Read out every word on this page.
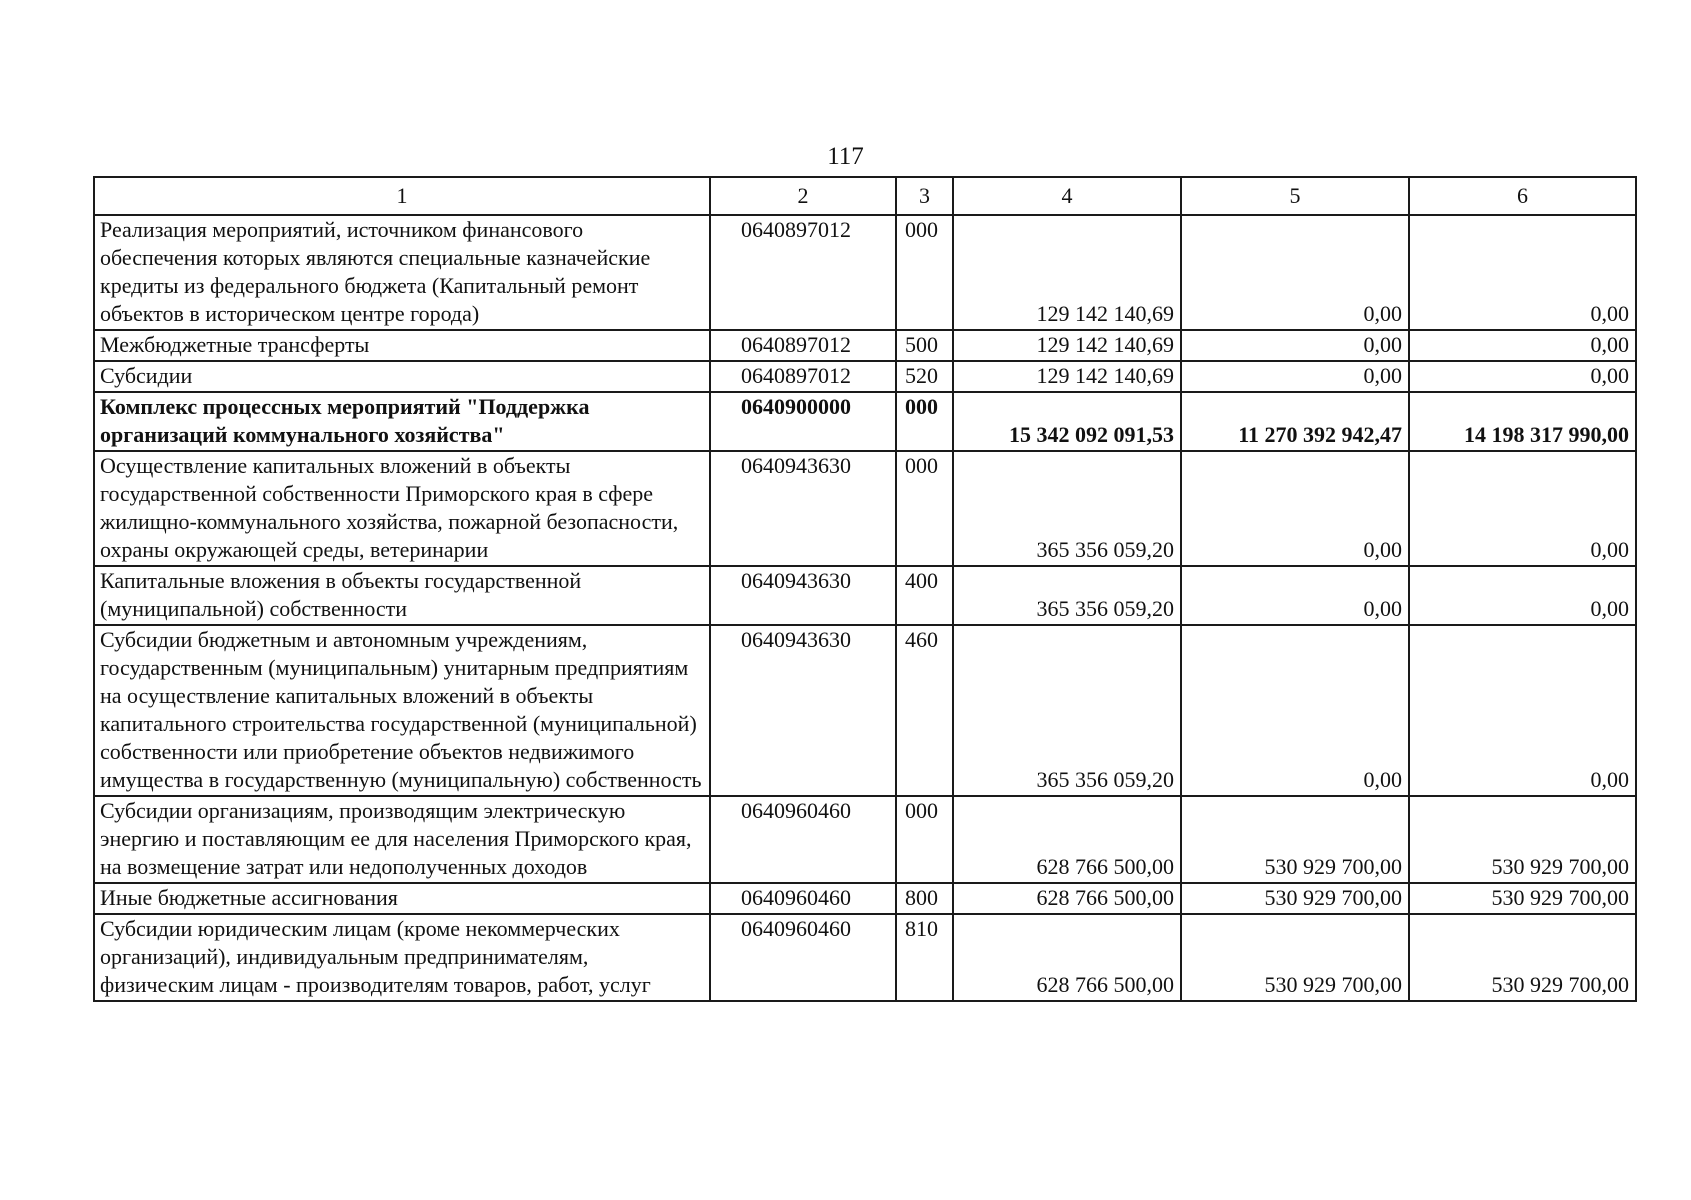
117
1	2	3	4	5	6
Реализация мероприятий, источником финансового обеспечения которых являются специальные казначейские кредиты из федерального бюджета (Капитальный ремонт объектов в историческом центре города)	0640897012	000	129 142 140,69	0,00	0,00
Межбюджетные трансферты	0640897012	500	129 142 140,69	0,00	0,00
Субсидии	0640897012	520	129 142 140,69	0,00	0,00
Комплекс процессных мероприятий "Поддержка организаций коммунального хозяйства"	0640900000	000	15 342 092 091,53	11 270 392 942,47	14 198 317 990,00
Осуществление капитальных вложений в объекты государственной собственности Приморского края в сфере жилищно-коммунального хозяйства, пожарной безопасности, охраны окружающей среды, ветеринарии	0640943630	000	365 356 059,20	0,00	0,00
Капитальные вложения в объекты государственной (муниципальной) собственности	0640943630	400	365 356 059,20	0,00	0,00
Субсидии бюджетным и автономным учреждениям, государственным (муниципальным) унитарным предприятиям на осуществление капитальных вложений в объекты капитального строительства государственной (муниципальной) собственности или приобретение объектов недвижимого имущества в государственную (муниципальную) собственность	0640943630	460	365 356 059,20	0,00	0,00
Субсидии организациям, производящим электрическую энергию и поставляющим ее для населения Приморского края, на возмещение затрат или недополученных доходов	0640960460	000	628 766 500,00	530 929 700,00	530 929 700,00
Иные бюджетные ассигнования	0640960460	800	628 766 500,00	530 929 700,00	530 929 700,00
Субсидии юридическим лицам (кроме некоммерческих организаций), индивидуальным предпринимателям, физическим лицам - производителям товаров, работ, услуг	0640960460	810	628 766 500,00	530 929 700,00	530 929 700,00
